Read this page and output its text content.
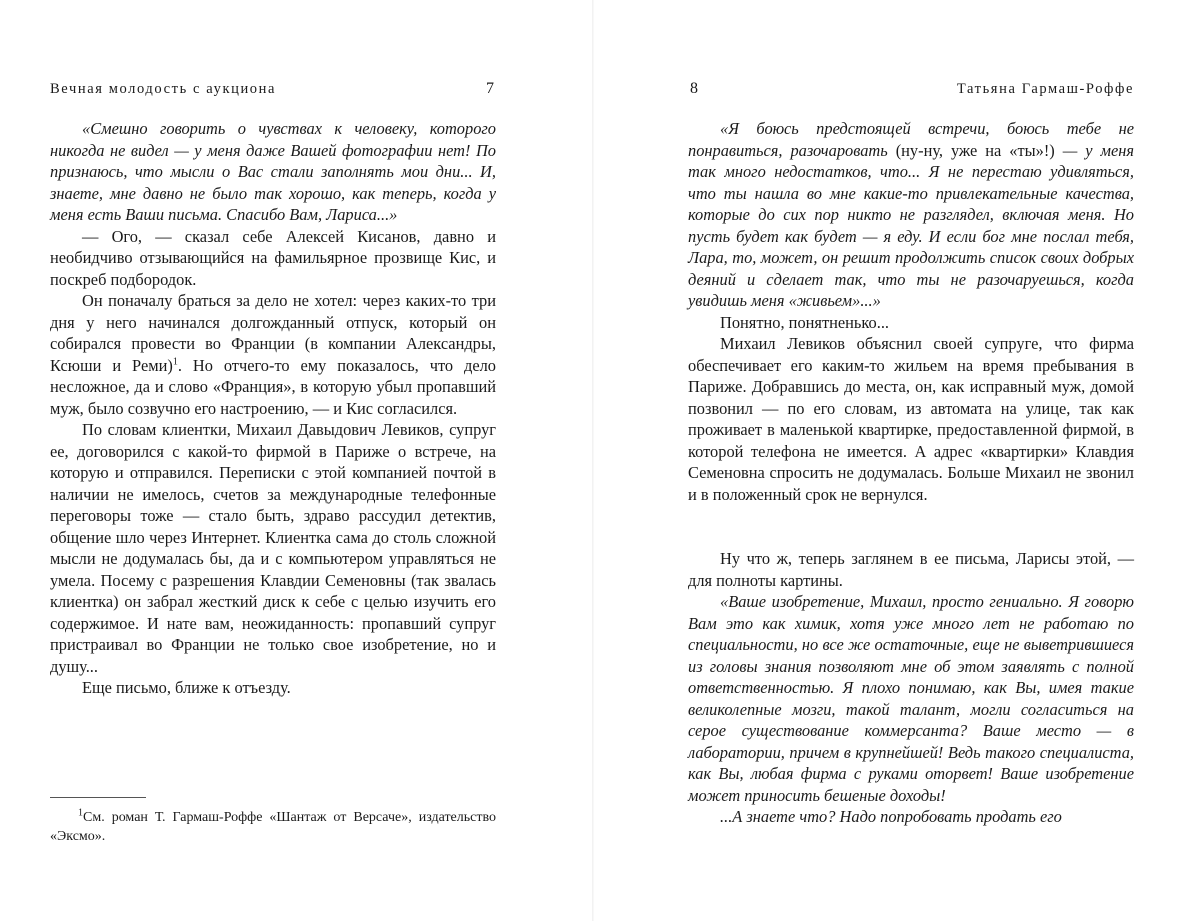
Вечная молодость с аукциона	7

«Смешно говорить о чувствах к человеку, которого никогда не видел — у меня даже Вашей фотографии нет! По признаюсь, что мысли о Вас стали заполнять мои дни... И, знаете, мне давно не было так хорошо, как теперь, когда у меня есть Ваши письма. Спасибо Вам, Лариса...»

— Ого, — сказал себе Алексей Кисанов, давно и необидчиво отзывающийся на фамильярное прозвище Кис, и поскреб подбородок.

Он поначалу браться за дело не хотел: через каких-то три дня у него начинался долгожданный отпуск, который он собирался провести во Франции (в компании Александры, Ксюши и Реми)$^1$. Но отчего-то ему показалось, что дело несложное, да и слово «Франция», в которую убыл пропавший муж, было созвучно его настроению, — и Кис согласился.

По словам клиентки, Михаил Давыдович Левиков, супруг ее, договорился с какой-то фирмой в Париже о встрече, на которую и отправился. Переписки с этой компанией почтой в наличии не имелось, счетов за международные телефонные переговоры тоже — стало быть, здраво рассудил детектив, общение шло через Интернет. Клиентка сама до столь сложной мысли не додумалась бы, да и с компьютером управляться не умела. Посему с разрешения Клавдии Семеновны (так звалась клиентка) он забрал жесткий диск к себе с целью изучить его содержимое. И нате вам, неожиданность: пропавший супруг пристраивал во Франции не только свое изобретение, но и душу...

Еще письмо, ближе к отъезду.

$^1$См. роман Т. Гармаш-Роффе «Шантаж от Версаче», издательство «Эксмо».
8	Татьяна Гармаш-Роффе

«Я боюсь предстоящей встречи, боюсь тебе не понравиться, разочаровать (ну-ну, уже на «ты»!) — у меня так много недостатков, что... Я не перестаю удивляться, что ты нашла во мне какие-то привлекательные качества, которые до сих пор никто не разглядел, включая меня. Но пусть будет как будет — я еду. И если бог мне послал тебя, Лара, то, может, он решит продолжить список своих добрых деяний и сделает так, что ты не разочаруешься, когда увидишь меня «живьем»...»

Понятно, понятненько...

Михаил Левиков объяснил своей супруге, что фирма обеспечивает его каким-то жильем на время пребывания в Париже. Добравшись до места, он, как исправный муж, домой позвонил — по его словам, из автомата на улице, так как проживает в маленькой квартирке, предоставленной фирмой, в которой телефона не имеется. А адрес «квартирки» Клавдия Семеновна спросить не додумалась. Больше Михаил не звонил и в положенный срок не вернулся.

Ну что ж, теперь заглянем в ее письма, Ларисы этой, — для полноты картины.

«Ваше изобретение, Михаил, просто гениально. Я говорю Вам это как химик, хотя уже много лет не работаю по специальности, но все же остаточные, еще не выветрившиеся из головы знания позволяют мне об этом заявлять с полной ответственностью. Я плохо понимаю, как Вы, имея такие великолепные мозги, такой талант, могли согласиться на серое существование коммерсанта? Ваше место — в лаборатории, причем в крупнейшей! Ведь такого специалиста, как Вы, любая фирма с руками оторвет! Ваше изобретение может приносить бешеные доходы!

...А знаете что? Надо попробовать продать его
